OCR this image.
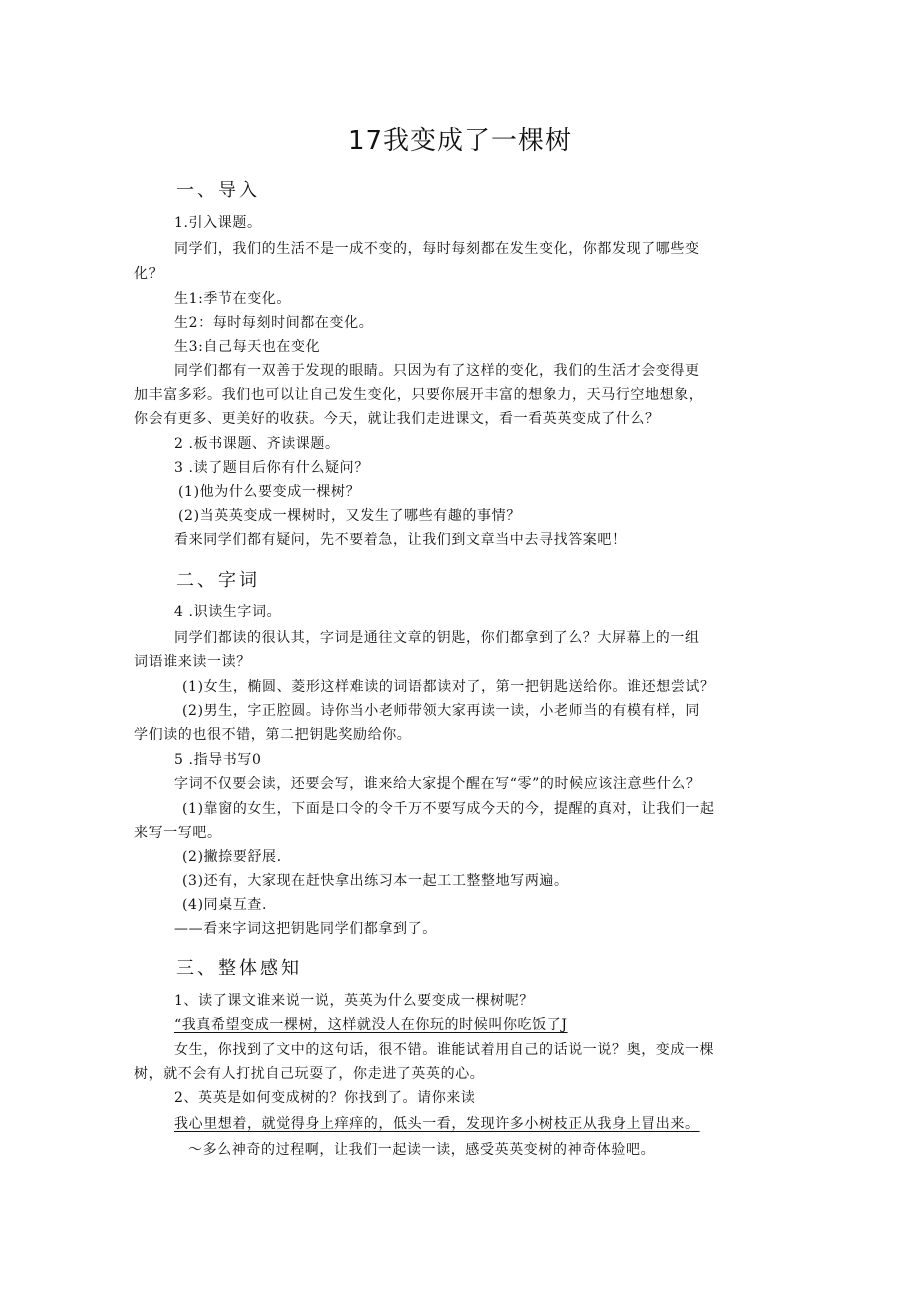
17我变成了一棵树
一、导入
1.引入课题。
同学们，我们的生活不是一成不变的，每时每刻都在发生变化，你都发现了哪些变
化？
生1:季节在变化。
生2：每时每刻时间都在变化。
生3:自己每天也在变化
同学们都有一双善于发现的眼睛。只因为有了这样的变化，我们的生活才会变得更
加丰富多彩。我们也可以让自己发生变化，只要你展开丰富的想象力，天马行空地想象，
你会有更多、更美好的收获。今天，就让我们走进课文，看一看英英变成了什么？
2 .板书课题、齐读课题。
3 .读了题目后你有什么疑问？
(1)他为什么要变成一棵树？
(2)当英英变成一棵树时，又发生了哪些有趣的事情？
看来同学们都有疑问，先不要着急，让我们到文章当中去寻找答案吧！
二、字词
4 .识读生字词。
同学们都读的很认其，字词是通往文章的钥匙，你们都拿到了么？大屏幕上的一组
词语谁来读一读？
(1)女生，椭圆、菱形这样难读的词语都读对了，第一把钥匙送给你。谁还想尝试？
(2)男生，字正腔圆。诗你当小老师带领大家再读一读，小老师当的有模有样，同
学们读的也很不错，第二把钥匙奖励给你。
5 .指导书写0
字词不仅要会读，还要会写，谁来给大家提个醒在写“零”的时候应该注意些什么？
(1)靠窗的女生，下面是口令的令千万不要写成今天的今，提醒的真对，让我们一起
来写一写吧。
(2)撇捺要舒展.
(3)还有，大家现在赶快拿出练习本一起工工整整地写两遍。
(4)同桌互查.
——看来字词这把钥匙同学们都拿到了。
三、整体感知
1、读了课文谁来说一说，英英为什么要变成一棵树呢？
“我真希望变成一棵树，这样就没人在你玩的时候叫你吃饭了J
女生，你找到了文中的这句话，很不错。谁能试着用自己的话说一说？奥，变成一棵
树，就不会有人打扰自己玩耍了，你走进了英英的心。
2、英英是如何变成树的？你找到了。请你来读
我心里想着，就觉得身上痒痒的，低头一看，发现许多小树枝正从我身上冒出来。
～多么神奇的过程啊，让我们一起读一读，感受英英变树的神奇体验吧。
